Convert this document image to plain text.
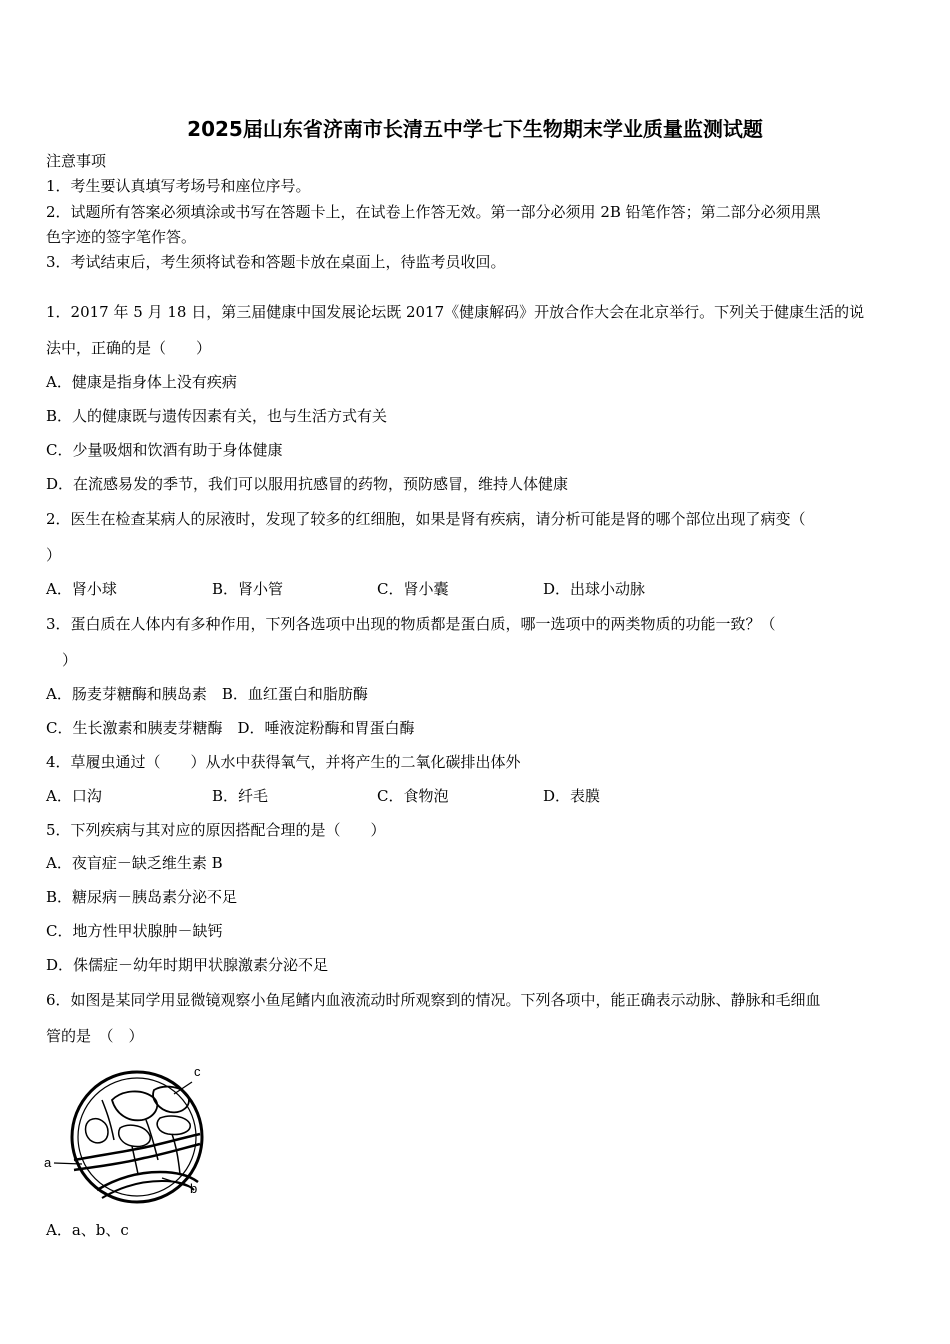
2025届山东省济南市长清五中学七下生物期末学业质量监测试题
注意事项
1．考生要认真填写考场号和座位序号。
2．试题所有答案必须填涂或书写在答题卡上，在试卷上作答无效。第一部分必须用 2B 铅笔作答；第二部分必须用黑
色字迹的签字笔作答。
3．考试结束后，考生须将试卷和答题卡放在桌面上，待监考员收回。
1．2017 年 5 月 18 日，第三届健康中国发展论坛既 2017《健康解码》开放合作大会在北京举行。下列关于健康生活的说
法中，正确的是（　　）
A．健康是指身体上没有疾病
B．人的健康既与遗传因素有关，也与生活方式有关
C．少量吸烟和饮酒有助于身体健康
D．在流感易发的季节，我们可以服用抗感冒的药物，预防感冒，维持人体健康
2．医生在检查某病人的尿液时，发现了较多的红细胞，如果是肾有疾病，请分析可能是肾的哪个部位出现了病变（
）
A．肾小球	B．肾小管	C．肾小囊	D．出球小动脉
3．蛋白质在人体内有多种作用，下列各选项中出现的物质都是蛋白质，哪一选项中的两类物质的功能一致？（
）
A．肠麦芽糖酶和胰岛素　B．血红蛋白和脂肪酶
C．生长激素和胰麦芽糖酶　D．唾液淀粉酶和胃蛋白酶
4．草履虫通过（　　）从水中获得氧气，并将产生的二氧化碳排出体外
A．口沟	B．纤毛	C．食物泡	D．表膜
5．下列疾病与其对应的原因搭配合理的是（　　）
A．夜盲症－缺乏维生素 B
B．糖尿病－胰岛素分泌不足
C．地方性甲状腺肿－缺钙
D．侏儒症－幼年时期甲状腺激素分泌不足
6．如图是某同学用显微镜观察小鱼尾鳍内血液流动时所观察到的情况。下列各项中，能正确表示动脉、静脉和毛细血
管的是　（　）
c
a
b
A．a、b、c
